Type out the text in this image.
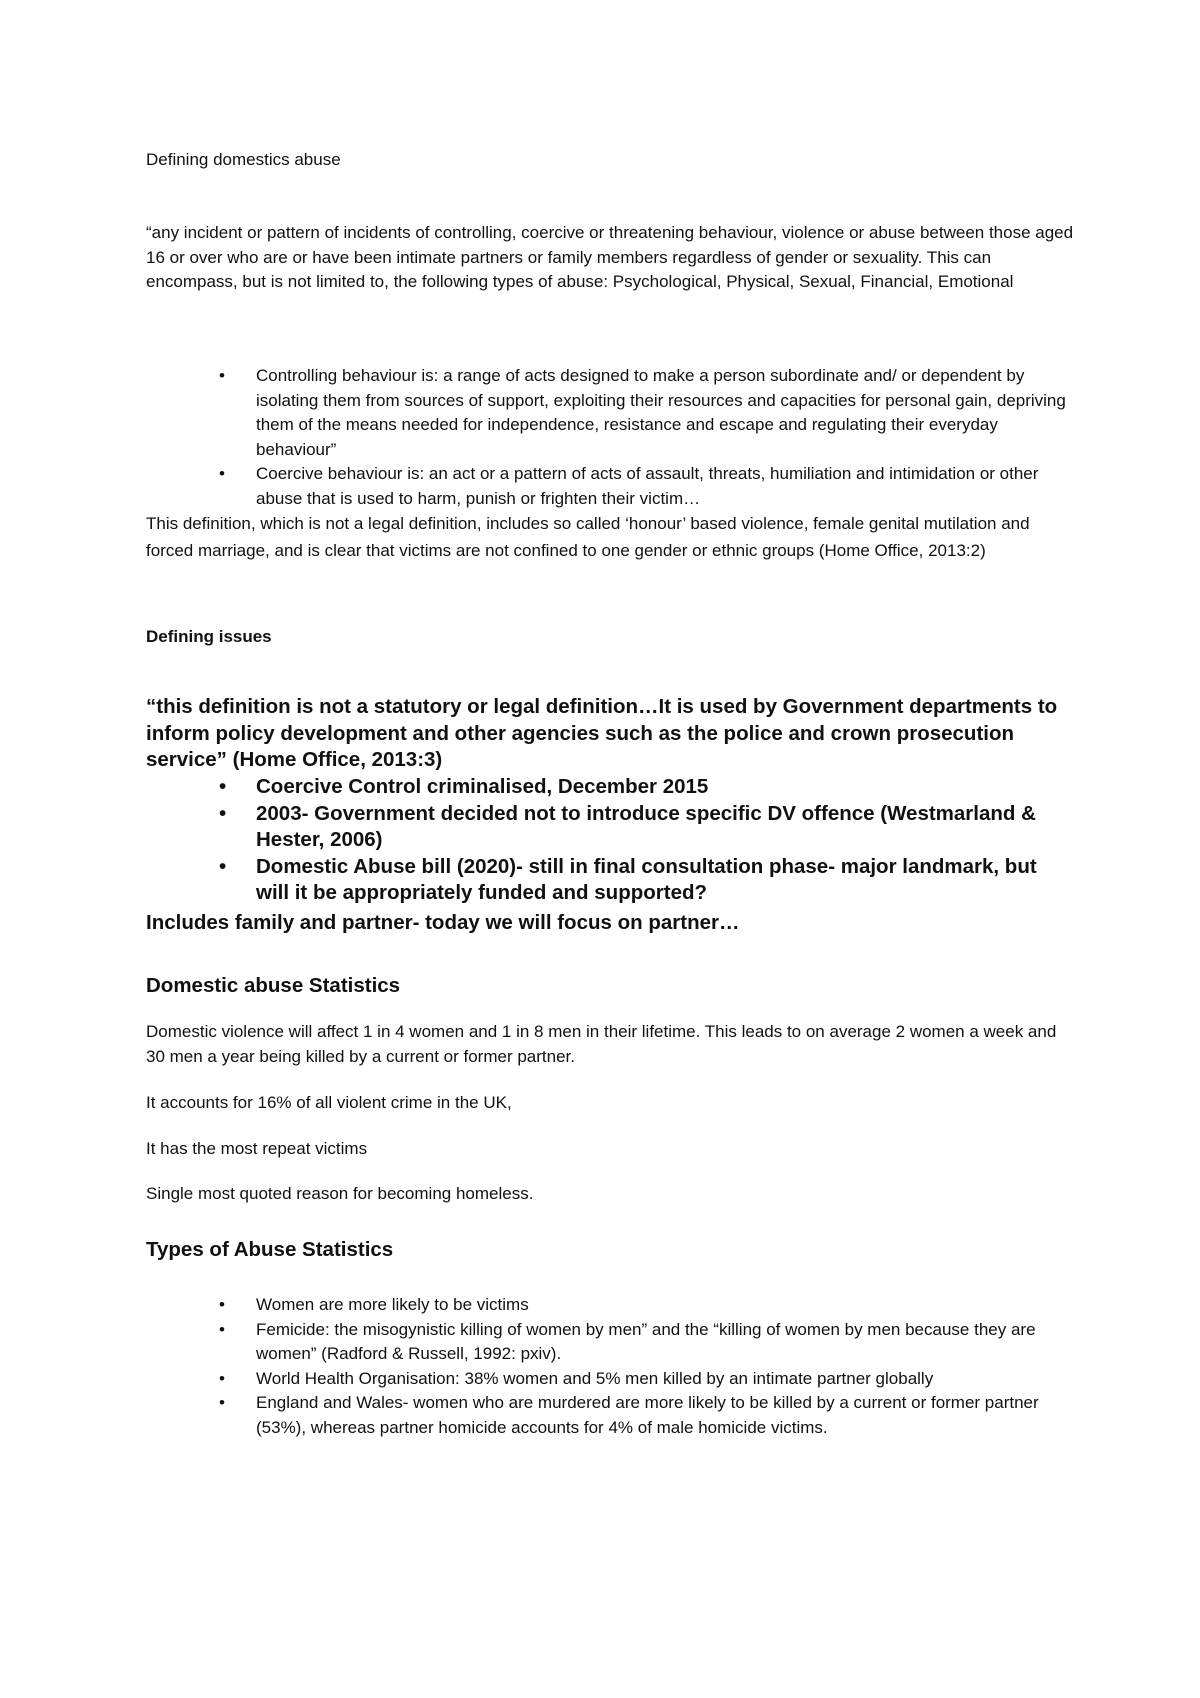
Defining domestics abuse

“any incident or pattern of incidents of controlling, coercive or threatening behaviour, violence or abuse between those aged 16 or over who are or have been intimate partners or family members regardless of gender or sexuality. This can encompass, but is not limited to, the following types of abuse: Psychological, Physical, Sexual, Financial, Emotional

• Controlling behaviour is: a range of acts designed to make a person subordinate and/ or dependent by isolating them from sources of support, exploiting their resources and capacities for personal gain, depriving them of the means needed for independence, resistance and escape and regulating their everyday behaviour”
• Coercive behaviour is: an act or a pattern of acts of assault, threats, humiliation and intimidation or other abuse that is used to harm, punish or frighten their victim…

This definition, which is not a legal definition, includes so called ‘honour’ based violence, female genital mutilation and forced marriage, and is clear that victims are not confined to one gender or ethnic groups (Home Office, 2013:2)

Defining issues

“this definition is not a statutory or legal definition…It is used by Government departments to inform policy development and other agencies such as the police and crown prosecution service” (Home Office, 2013:3)

• Coercive Control criminalised, December 2015
• 2003- Government decided not to introduce specific DV offence (Westmarland & Hester, 2006)
• Domestic Abuse bill (2020)- still in final consultation phase- major landmark, but will it be appropriately funded and supported?

Includes family and partner- today we will focus on partner…

Domestic abuse Statistics

Domestic violence will affect 1 in 4 women and 1 in 8 men in their lifetime. This leads to on average 2 women a week and 30 men a year being killed by a current or former partner.

It accounts for 16% of all violent crime in the UK,

It has the most repeat victims

Single most quoted reason for becoming homeless.

Types of Abuse Statistics

• Women are more likely to be victims
• Femicide: the misogynistic killing of women by men” and the “killing of women by men because they are women” (Radford & Russell, 1992: pxiv).
• World Health Organisation: 38% women and 5% men killed by an intimate partner globally
• England and Wales- women who are murdered are more likely to be killed by a current or former partner (53%), whereas partner homicide accounts for 4% of male homicide victims.
